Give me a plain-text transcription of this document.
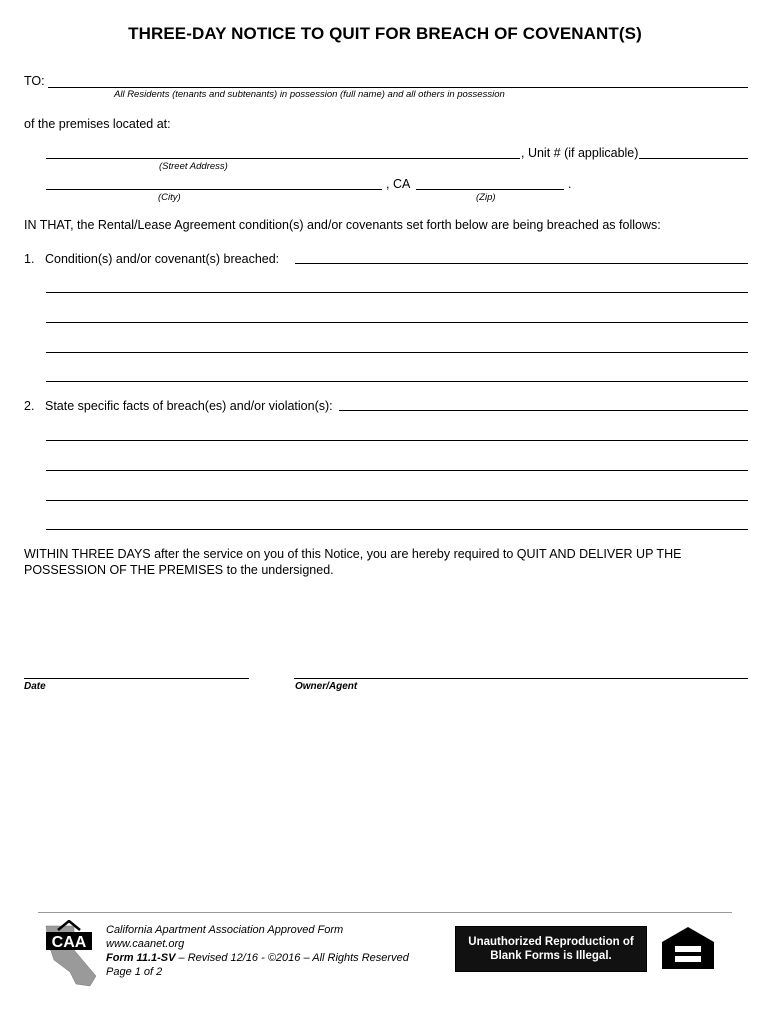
THREE-DAY NOTICE TO QUIT FOR BREACH OF COVENANT(S)
TO:
All Residents (tenants and subtenants) in possession (full name) and all others in possession
of the premises located at:
, Unit # (if applicable)
(Street Address)
, CA	.
(City)	(Zip)
IN THAT, the Rental/Lease Agreement condition(s) and/or covenants set forth below are being breached as follows:
1. Condition(s) and/or covenant(s) breached:
2. State specific facts of breach(es) and/or violation(s):
WITHIN THREE DAYS after the service on you of this Notice, you are hereby required to QUIT AND DELIVER UP THE
POSSESSION OF THE PREMISES to the undersigned.
Date	Owner/Agent
CAA
California Apartment Association Approved Form
www.caanet.org
Form 11.1-SV – Revised 12/16 - ©2016 – All Rights Reserved
Page 1 of 2
Unauthorized Reproduction of
Blank Forms is Illegal.
